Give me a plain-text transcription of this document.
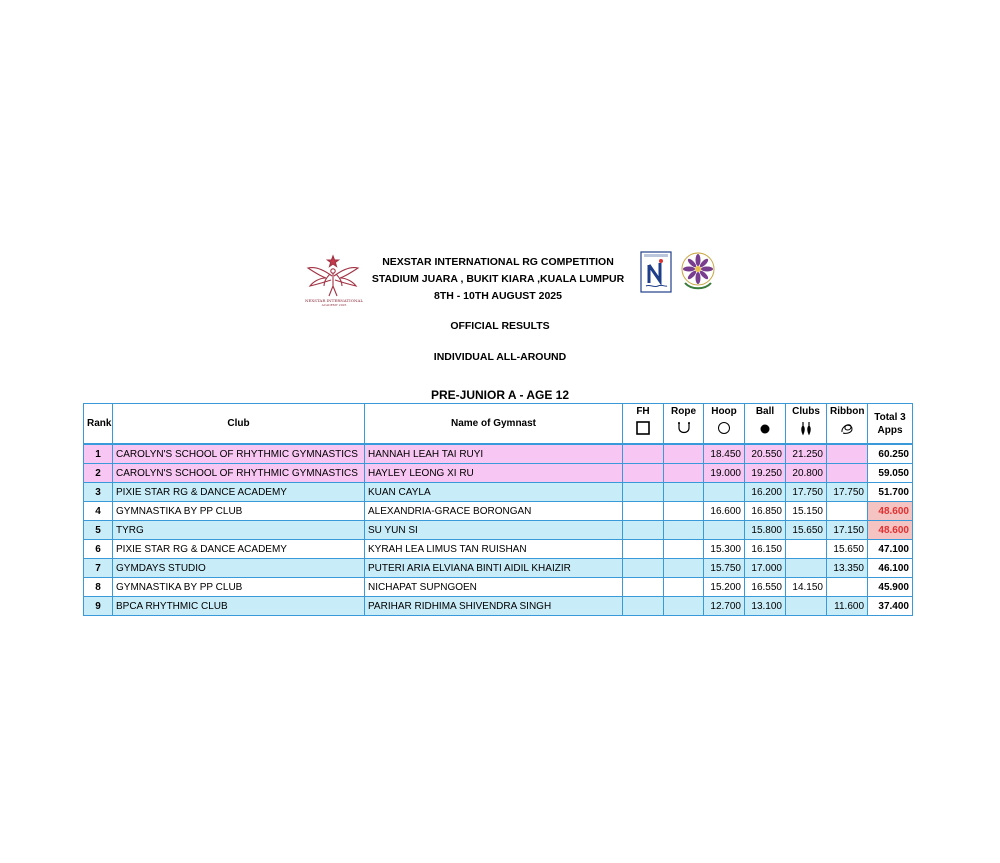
NEXSTAR INTERNATIONAL
ACADEMY 2025
NEXSTAR INTERNATIONAL RG COMPETITION
STADIUM JUARA , BUKIT KIARA ,KUALA LUMPUR
8TH - 10TH AUGUST 2025
OFFICIAL RESULTS
INDIVIDUAL ALL-AROUND
PRE-JUNIOR A - AGE 12
Rank	Club	Name of Gymnast	FH	Rope	Hoop	Ball	Clubs	Ribbon	Total 3
Apps

1	CAROLYN'S SCHOOL OF RHYTHMIC GYMNASTICS	HANNAH LEAH TAI RUYI			18.450	20.550	21.250		60.250
2	CAROLYN'S SCHOOL OF RHYTHMIC GYMNASTICS	HAYLEY LEONG XI RU			19.000	19.250	20.800		59.050
3	PIXIE STAR RG & DANCE ACADEMY	KUAN CAYLA				16.200	17.750	17.750	51.700
4	GYMNASTIKA BY PP CLUB	ALEXANDRIA-GRACE BORONGAN			16.600	16.850	15.150		48.600
5	TYRG	SU YUN SI				15.800	15.650	17.150	48.600
6	PIXIE STAR RG & DANCE ACADEMY	KYRAH LEA LIMUS TAN RUISHAN			15.300	16.150		15.650	47.100
7	GYMDAYS STUDIO	PUTERI ARIA ELVIANA BINTI AIDIL KHAIZIR			15.750	17.000		13.350	46.100
8	GYMNASTIKA BY PP CLUB	NICHAPAT SUPNGOEN			15.200	16.550	14.150		45.900
9	BPCA RHYTHMIC CLUB	PARIHAR RIDHIMA SHIVENDRA SINGH			12.700	13.100		11.600	37.400
